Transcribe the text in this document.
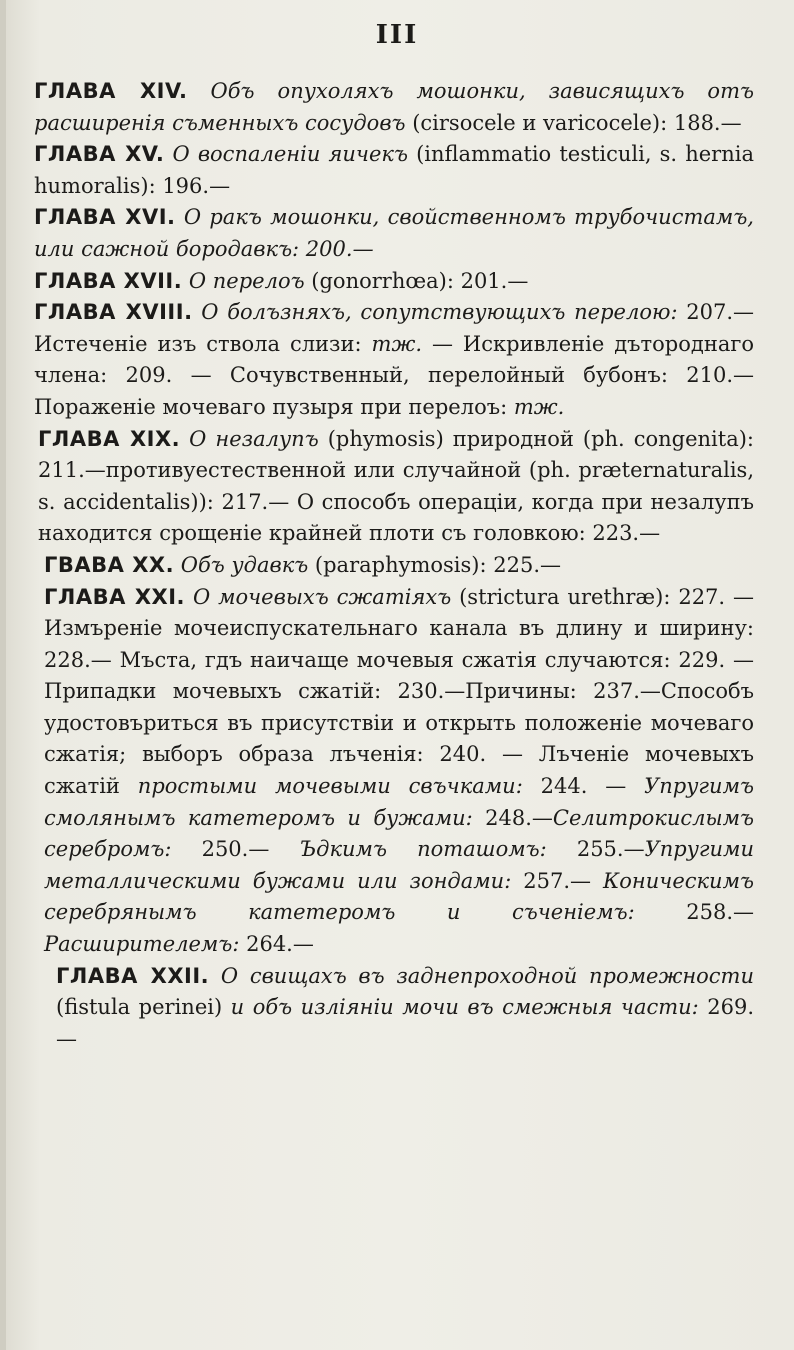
III

ГЛАВА XIV. Объ опухоляхъ мошонки, зависящихъ отъ расширенія съменныхъ сосудовъ (cirsocele и varicocele): 188.—

ГЛАВА XV. О воспаленіи яичекъ (inflammatio testiculi, s. hernia humoralis): 196.—

ГЛАВА XVI. О ракъ мошонки, свойственномъ трубочистамъ, или сажной бородавкъ: 200.—

ГЛАВА XVII. О перелоъ (gonorrhœa): 201.—

ГЛАВА XVIII. О болъзняхъ, сопутствующихъ перелою: 207.—Истеченіе изъ ствола слизи: тж. — Искривленіе дътороднаго члена: 209. — Сочувственный, перелойный бубонъ: 210.—Пораженіе мочеваго пузыря при перелоъ: тж.

ГЛАВА XIX. О незалупъ (phymosis) природной (ph. congenita): 211.—противуестественной или случайной (ph. præternaturalis, s. accidentalis)): 217.— О способъ операціи, когда при незалупъ находится срощеніе крайней плоти съ головкою: 223.—

ГВАВА XX. Объ удавкъ (paraphymosis): 225.—

ГЛАВА XXI. О мочевыхъ сжатіяхъ (strictura urethræ): 227. — Измъреніе мочеиспускательнаго канала въ длину и ширину: 228.— Мъста, гдъ наичаще мочевыя сжатія случаются: 229. — Припадки мочевыхъ сжатій: 230.—Причины: 237.—Способъ удостовъриться въ присутствіи и открыть положеніе мочеваго сжатія; выборъ образа лъченія: 240. — Лъченіе мочевыхъ сжатій простыми мочевыми свъчками: 244. — Упругимъ смолянымъ катетеромъ и бужами: 248.—Селитрокислымъ серебромъ: 250.— Ъдкимъ поташомъ: 255.—Упругими металлическими бужами или зондами: 257.— Коническимъ серебрянымъ катетеромъ и съченіемъ: 258.— Расширителемъ: 264.—

ГЛАВА XXII. О свищахъ въ заднепроходной промежности (fistula perinei) и объ изліяніи мочи въ смежныя части: 269.—
